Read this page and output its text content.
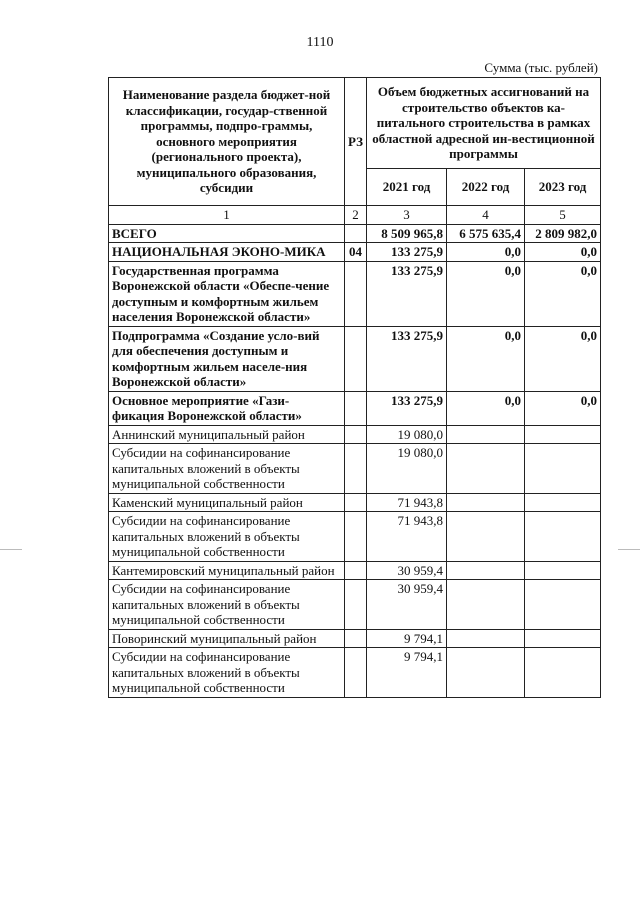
1110
Сумма (тыс. рублей)
Наименование раздела бюджет-ной классификации, государ-ственной программы, подпро-граммы, основного мероприятия (регионального проекта), муниципального образования, субсидии	РЗ	Объем бюджетных ассигнований на строительство объектов ка-питального строительства в рамках областной адресной ин-вестиционной программы		
		2021 год	2022 год	2023 год
1	2	3	4	5
ВСЕГО		8 509 965,8	6 575 635,4	2 809 982,0
НАЦИОНАЛЬНАЯ ЭКОНО-МИКА	04	133 275,9	0,0	0,0
Государственная программа Воронежской области «Обеспе-чение доступным и комфортным жильем населения Воронежской области»		133 275,9	0,0	0,0
Подпрограмма «Создание усло-вий для обеспечения доступным и комфортным жильем населе-ния Воронежской области»		133 275,9	0,0	0,0
Основное мероприятие «Гази-фикация Воронежской области»		133 275,9	0,0	0,0
Аннинский муниципальный район		19 080,0		
Субсидии на софинансирование капитальных вложений в объекты муниципальной собственности		19 080,0		
Каменский муниципальный район		71 943,8		
Субсидии на софинансирование капитальных вложений в объекты муниципальной собственности		71 943,8		
Кантемировский муниципальный район		30 959,4		
Субсидии на софинансирование капитальных вложений в объекты муниципальной собственности		30 959,4		
Поворинский муниципальный район		9 794,1		
Субсидии на софинансирование капитальных вложений в объекты муниципальной собственности		9 794,1		
